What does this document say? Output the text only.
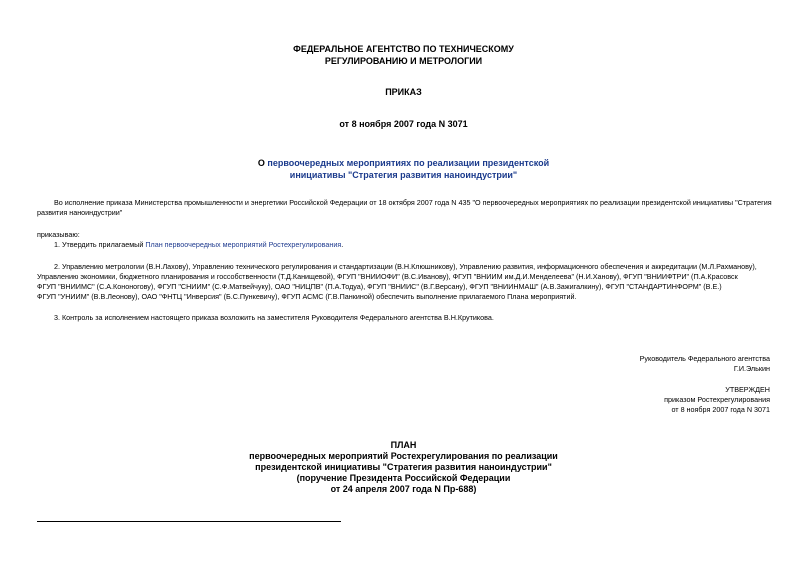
ФЕДЕРАЛЬНОЕ АГЕНТСТВО ПО ТЕХНИЧЕСКОМУ
РЕГУЛИРОВАНИЮ И МЕТРОЛОГИИ
ПРИКАЗ
от 8 ноября 2007 года N 3071
О первоочередных мероприятиях по реализации президентской
инициативы "Стратегия развития наноиндустрии"
Во исполнение приказа Министерства промышленности и энергетики Российской Федерации от 18 октября 2007 года N 435 "О первоочередных мероприятиях по реализации президентской инициативы "Стратегия
развития наноиндустрии"
приказываю:
1. Утвердить прилагаемый План первоочередных мероприятий Ростехрегулирования.
2. Управлению метрологии (В.Н.Лахову), Управлению технического регулирования и стандартизации (В.Н.Клюшникову), Управлению развития, информационного обеспечения и аккредитации (М.Л.Рахманову),
Управлению экономики, бюджетного планирования и госсобственности (Т.Д.Канищевой), ФГУП "ВНИИОФИ" (В.С.Иванову), ФГУП "ВНИИМ им.Д.И.Менделеева" (Н.И.Ханову), ФГУП "ВНИИФТРИ" (П.А.Красовск
ФГУП "ВНИИМС" (С.А.Кононогову), ФГУП "СНИИМ" (С.Ф.Матвейчуку), ОАО "НИЦПВ" (П.А.Тодуа), ФГУП "ВНИИС" (В.Г.Версану), ФГУП "ВНИИНМАШ" (А.В.Зажигалкину), ФГУП "СТАНДАРТИНФОРМ" (В.Е.)
ФГУП "УНИИМ" (В.В.Леонову), ОАО "ФНТЦ "Инверсия" (Б.С.Пункевичу), ФГУП АСМС (Г.В.Панкиной) обеспечить выполнение прилагаемого Плана мероприятий.
3. Контроль за исполнением настоящего приказа возложить на заместителя Руководителя Федерального агентства В.Н.Крутикова.
Руководитель Федерального агентства
Г.И.Элькин
УТВЕРЖДЕН
приказом Ростехрегулирования
от 8 ноября 2007 года N 3071
ПЛАН
первоочередных мероприятий Ростехрегулирования по реализации
президентской инициативы "Стратегия развития наноиндустрии"
(поручение Президента Российской Федерации
от 24 апреля 2007 года N Пр-688)
